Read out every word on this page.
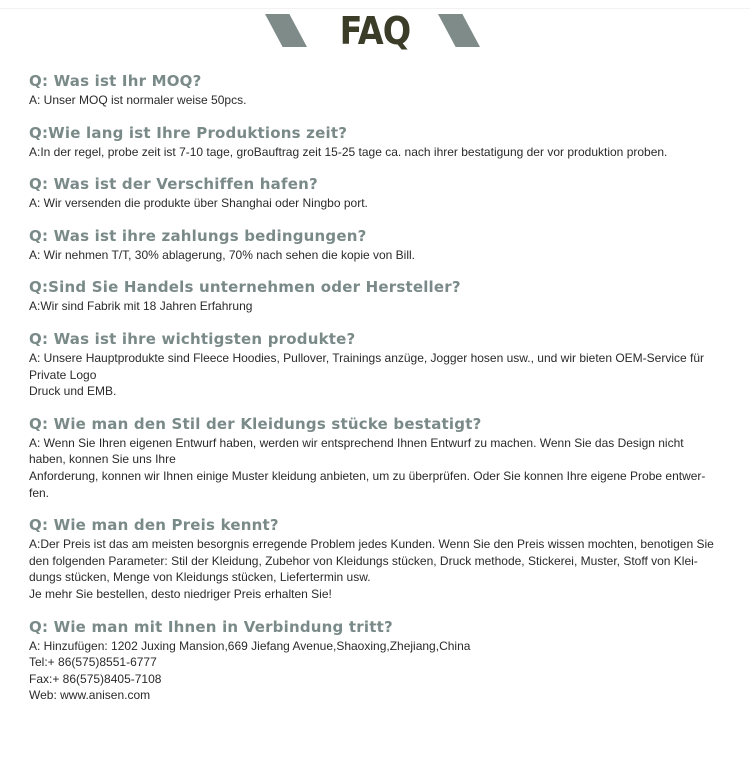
FAQ
Q: Was ist Ihr MOQ?
A: Unser MOQ ist normaler weise 50pcs.
Q:Wie lang ist Ihre Produktions zeit?
A:In der regel, probe zeit ist 7-10 tage, groBauftrag zeit 15-25 tage ca. nach ihrer bestatigung der vor produktion proben.
Q: Was ist der Verschiffen hafen?
A: Wir versenden die produkte über Shanghai oder Ningbo port.
Q: Was ist ihre zahlungs bedingungen?
A: Wir nehmen T/T, 30% ablagerung, 70% nach sehen die kopie von Bill.
Q:Sind Sie Handels unternehmen oder Hersteller?
A:Wir sind Fabrik mit 18 Jahren Erfahrung
Q: Was ist ihre wichtigsten produkte?
A: Unsere Hauptprodukte sind Fleece Hoodies, Pullover, Trainings anzüge, Jogger hosen usw., und wir bieten OEM-Service für
Private Logo
Druck und EMB.
Q: Wie man den Stil der Kleidungs stücke bestatigt?
A: Wenn Sie Ihren eigenen Entwurf haben, werden wir entsprechend Ihnen Entwurf zu machen. Wenn Sie das Design nicht
haben, konnen Sie uns Ihre
Anforderung, konnen wir Ihnen einige Muster kleidung anbieten, um zu überprüfen. Oder Sie konnen Ihre eigene Probe entwer-
fen.
Q: Wie man den Preis kennt?
A:Der Preis ist das am meisten besorgnis erregende Problem jedes Kunden. Wenn Sie den Preis wissen mochten, benotigen Sie
den folgenden Parameter: Stil der Kleidung, Zubehor von Kleidungs stücken, Druck methode, Stickerei, Muster, Stoff von Klei-
dungs stücken, Menge von Kleidungs stücken, Liefertermin usw.
Je mehr Sie bestellen, desto niedriger Preis erhalten Sie!
Q: Wie man mit Ihnen in Verbindung tritt?
A: Hinzufügen: 1202 Juxing Mansion,669 Jiefang Avenue,Shaoxing,Zhejiang,China
Tel:+ 86(575)8551-6777
Fax:+ 86(575)8405-7108
Web: www.anisen.com
